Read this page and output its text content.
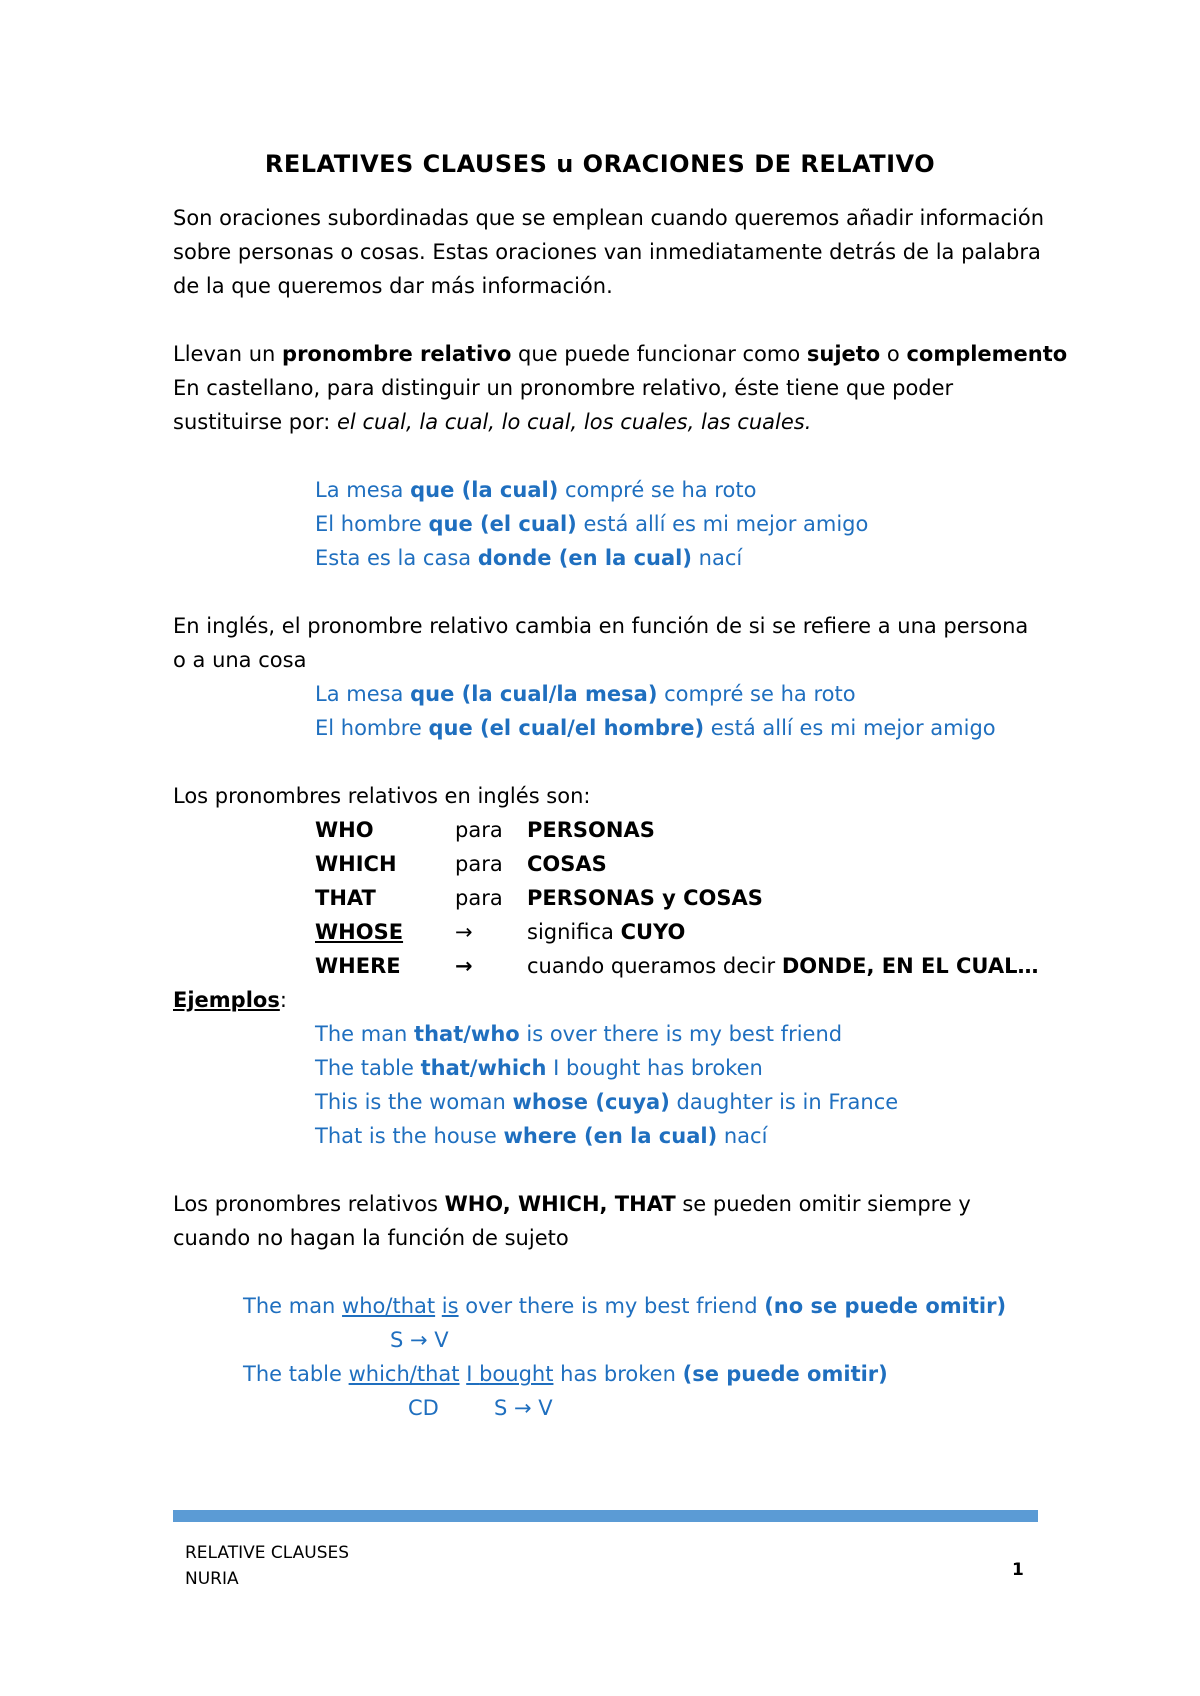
RELATIVES CLAUSES u ORACIONES DE RELATIVO
Son oraciones subordinadas que se emplean cuando queremos añadir información
sobre personas o cosas. Estas oraciones van inmediatamente detrás de la palabra
de la que queremos dar más información.
Llevan un pronombre relativo que puede funcionar como sujeto o complemento
En castellano, para distinguir un pronombre relativo, éste tiene que poder
sustituirse por: el cual, la cual, lo cual, los cuales, las cuales.
La mesa que (la cual) compré se ha roto
El hombre que (el cual) está allí es mi mejor amigo
Esta es la casa donde (en la cual) nací
En inglés, el pronombre relativo cambia en función de si se refiere a una persona
o a una cosa
La mesa que (la cual/la mesa) compré se ha roto
El hombre que (el cual/el hombre) está allí es mi mejor amigo
Los pronombres relativos en inglés son:
WHO	para PERSONAS
WHICH	para COSAS
THAT	para PERSONAS y COSAS
WHOSE →	significa CUYO
WHERE	→	cuando queramos decir DONDE, EN EL CUAL…
Ejemplos:
The man that/who is over there is my best friend
The table that/which I bought has broken
This is the woman whose (cuya) daughter is in France
That is the house where (en la cual) nací
Los pronombres relativos WHO, WHICH, THAT se pueden omitir siempre y
cuando no hagan la función de sujeto
The man who/that is over there is my best friend (no se puede omitir)
S → V
The table which/that I bought has broken (se puede omitir)
CD	S → V
RELATIVE CLAUSES
NURIA	1
